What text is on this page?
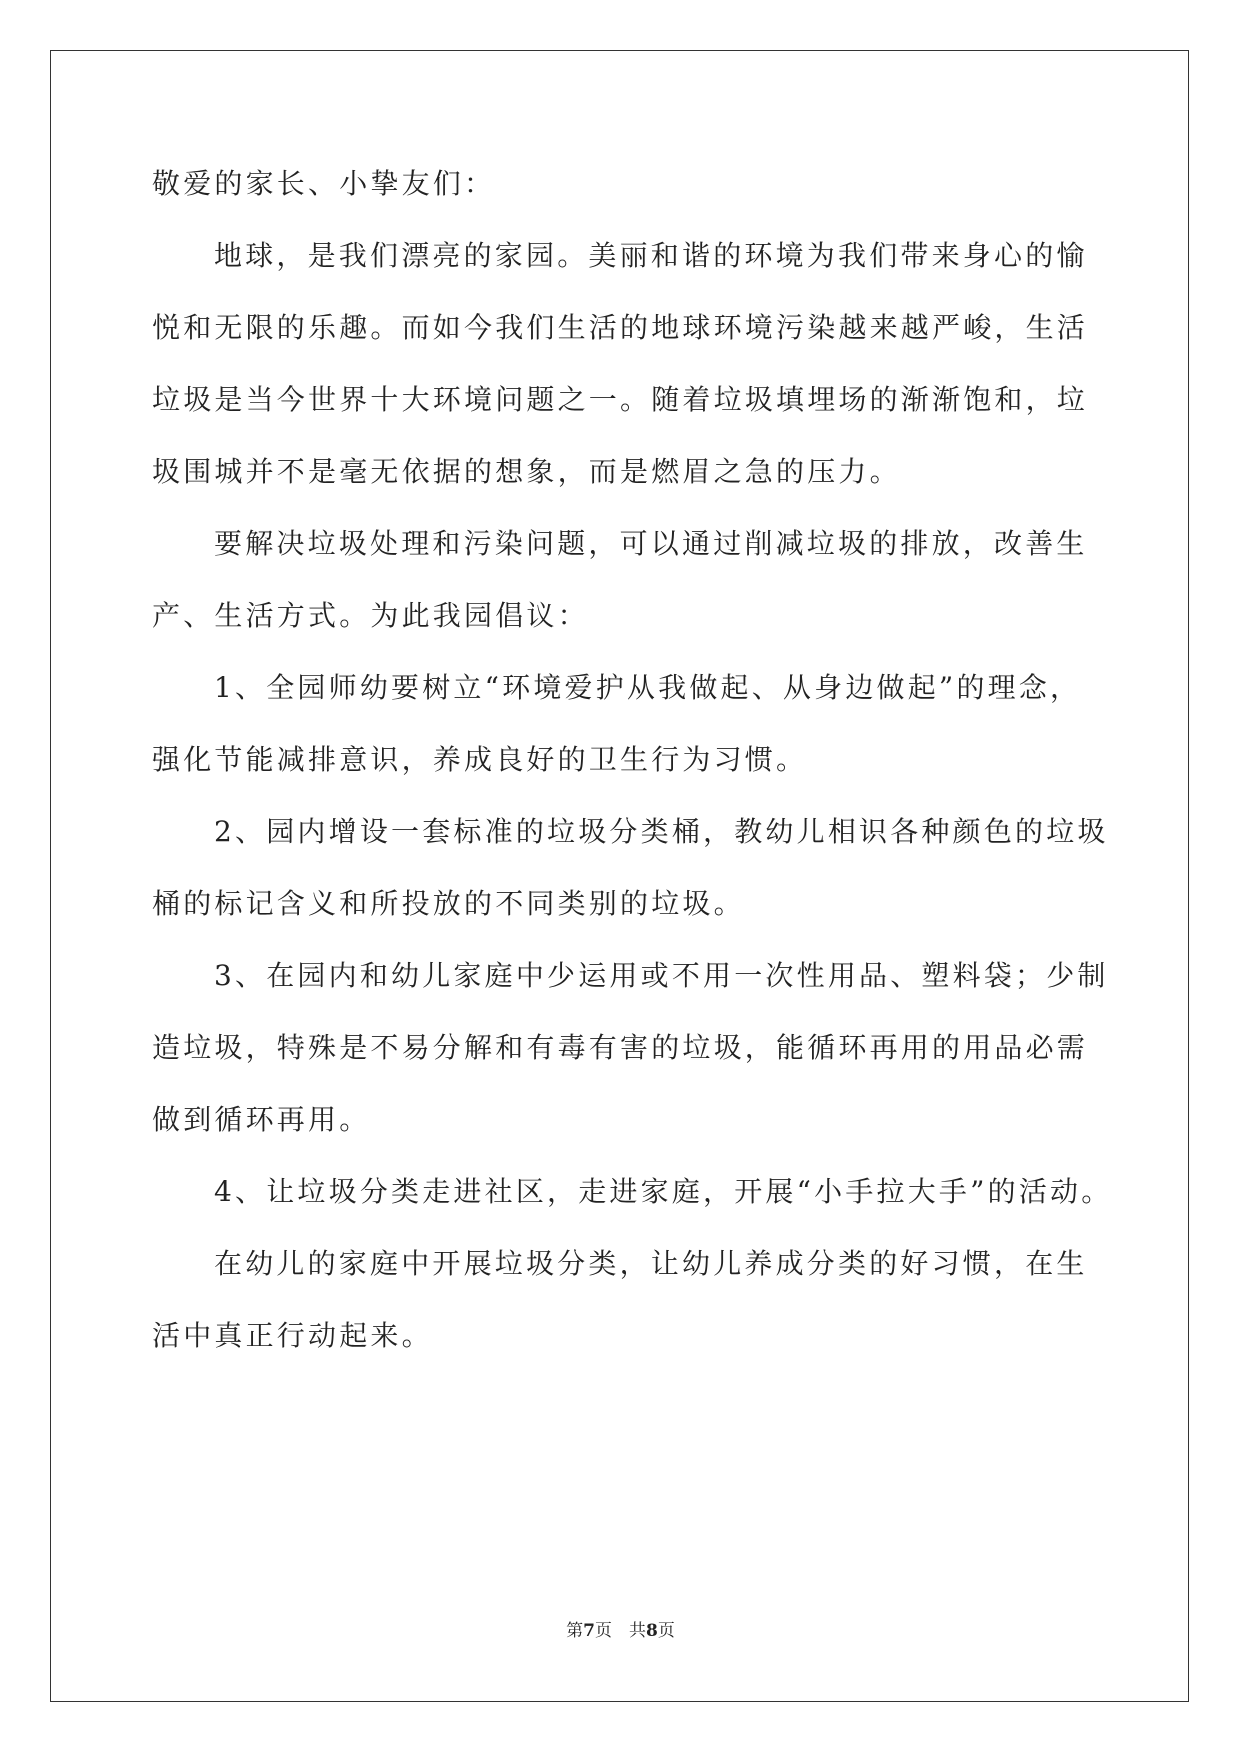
敬爱的家长、小挚友们：
地球，是我们漂亮的家园。美丽和谐的环境为我们带来身心的愉
悦和无限的乐趣。而如今我们生活的地球环境污染越来越严峻，生活
垃圾是当今世界十大环境问题之一。随着垃圾填埋场的渐渐饱和，垃
圾围城并不是毫无依据的想象，而是燃眉之急的压力。
要解决垃圾处理和污染问题，可以通过削减垃圾的排放，改善生
产、生活方式。为此我园倡议：
1、全园师幼要树立“环境爱护从我做起、从身边做起”的理念，
强化节能减排意识，养成良好的卫生行为习惯。
2、园内增设一套标准的垃圾分类桶，教幼儿相识各种颜色的垃圾
桶的标记含义和所投放的不同类别的垃圾。
3、在园内和幼儿家庭中少运用或不用一次性用品、塑料袋；少制
造垃圾，特殊是不易分解和有毒有害的垃圾，能循环再用的用品必需
做到循环再用。
4、让垃圾分类走进社区，走进家庭，开展“小手拉大手”的活动。
在幼儿的家庭中开展垃圾分类，让幼儿养成分类的好习惯，在生
活中真正行动起来。
第7页　共8页
